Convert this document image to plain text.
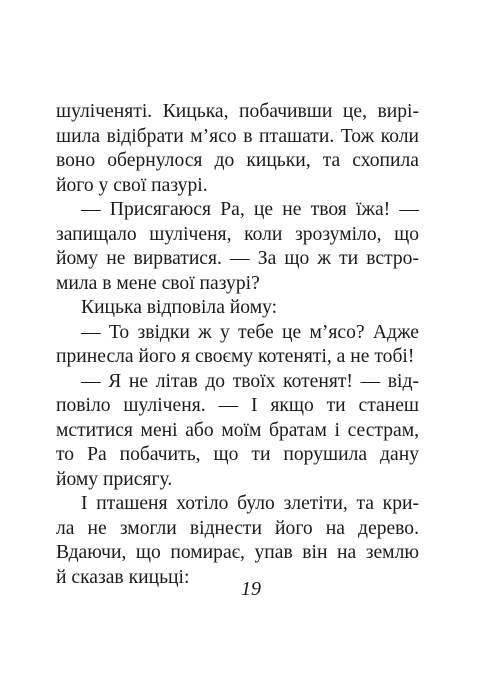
шуліченяті. Кицька, побачивши це, вирі-
шила відібрати м’ясо в пташати. Тож коли
воно обернулося до кицьки, та схопила
його у свої пазурі.
— Присягаюся Ра, це не твоя їжа! —
запищало шуліченя, коли зрозуміло, що
йому не вирватися. — За що ж ти встро-
мила в мене свої пазурі?
Кицька відповіла йому:
— То звідки ж у тебе це м’ясо? Адже
принесла його я своєму котеняті, а не тобі!
— Я не літав до твоїх котенят! — від-
повіло шуліченя. — І якщо ти станеш
мститися мені або моїм братам і сестрам,
то Ра побачить, що ти порушила дану
йому присягу.
І пташеня хотіло було злетіти, та кри-
ла не змогли віднести його на дерево.
Вдаючи, що помирає, упав він на землю
й сказав кицьці:
19
